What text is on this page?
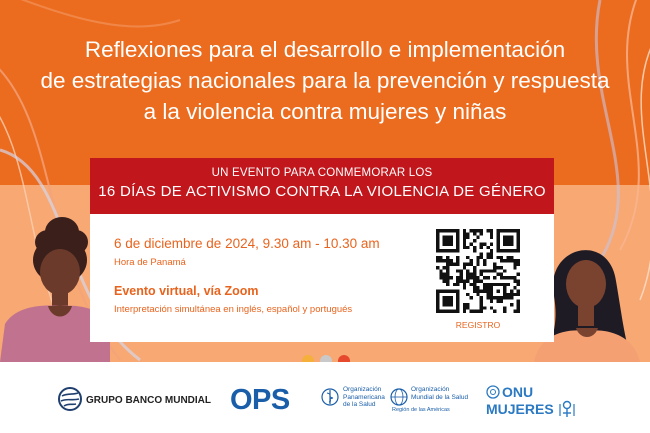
Reflexiones para el desarrollo e implementación
de estrategias nacionales para la prevención y respuesta
a la violencia contra mujeres y niñas
UN EVENTO PARA CONMEMORAR LOS
16 DÍAS DE ACTIVISMO CONTRA LA VIOLENCIA DE GÉNERO
6 de diciembre de 2024, 9.30 am - 10.30 am
Hora de Panamá
Evento virtual, vía Zoom
Interpretación simultánea en inglés, español y portugués
REGISTRO
GRUPO BANCO MUNDIAL OPS	Organización
Panamericana
de la Salud
Organización
Mundial de la Salud
Región de las Américas
ONU
MUJERES
